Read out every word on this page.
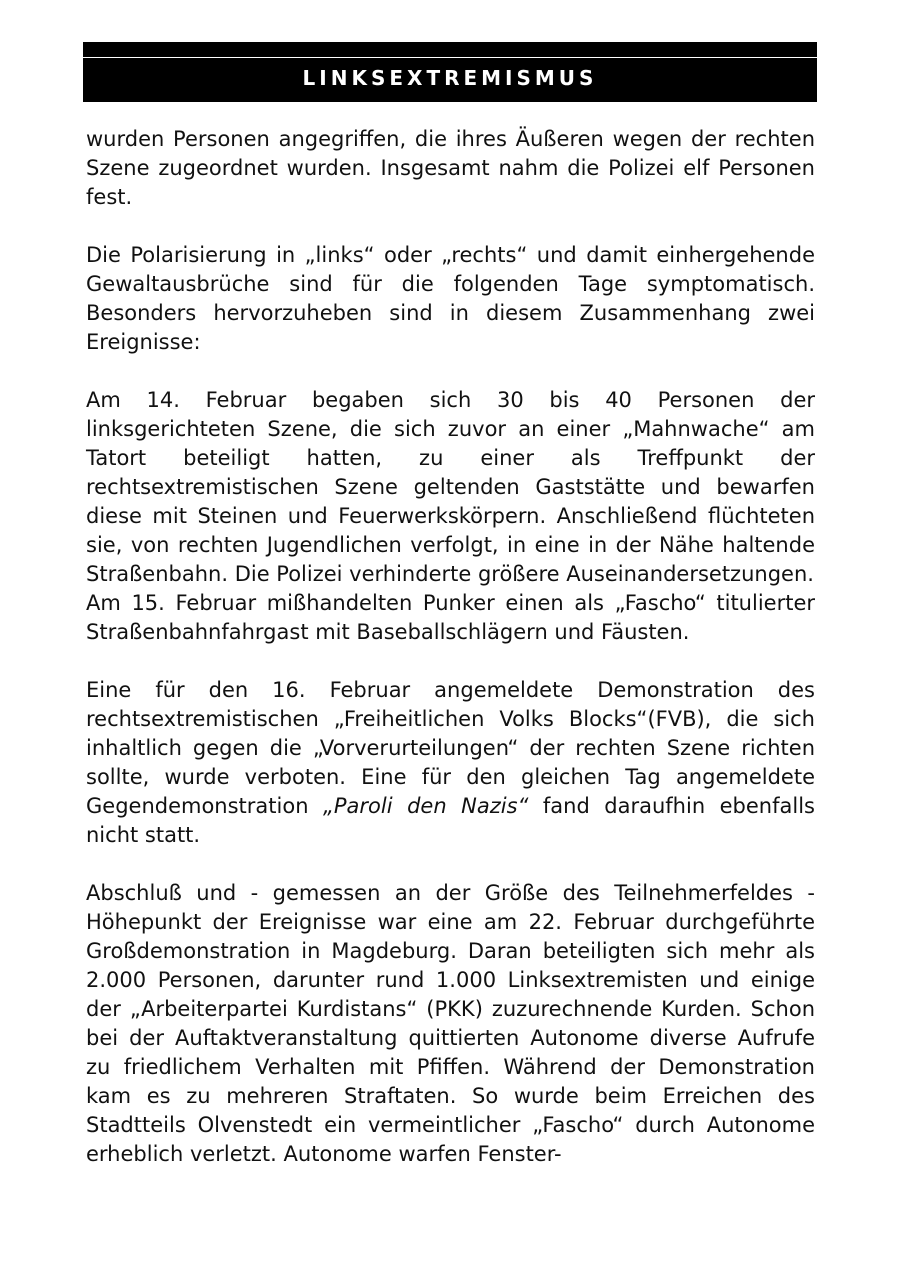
LINKSEXTREMISMUS

wurden Personen angegriffen, die ihres Äußeren wegen der rechten Szene zugeordnet wurden. Insgesamt nahm die Polizei elf Personen fest.

Die Polarisierung in „links“ oder „rechts“ und damit einhergehende Gewaltausbrüche sind für die folgenden Tage symptomatisch. Besonders hervorzuheben sind in diesem Zusammenhang zwei Ereignisse:

Am 14. Februar begaben sich 30 bis 40 Personen der linksgerichteten Szene, die sich zuvor an einer „Mahnwache“ am Tatort beteiligt hatten, zu einer als Treffpunkt der rechtsextremistischen Szene geltenden Gaststätte und bewarfen diese mit Steinen und Feuerwerkskörpern. Anschließend flüchteten sie, von rechten Jugendlichen verfolgt, in eine in der Nähe haltende Straßenbahn. Die Polizei verhinderte größere Auseinandersetzungen.

Am 15. Februar mißhandelten Punker einen als „Fascho“ titulierter Straßenbahnfahrgast mit Baseballschlägern und Fäusten.

Eine für den 16. Februar angemeldete Demonstration des rechtsextremistischen „Freiheitlichen Volks Blocks“(FVB), die sich inhaltlich gegen die „Vorverurteilungen“ der rechten Szene richten sollte, wurde verboten. Eine für den gleichen Tag angemeldete Gegendemonstration „Paroli den Nazis“ fand daraufhin ebenfalls nicht statt.

Abschluß und - gemessen an der Größe des Teilnehmerfeldes - Höhepunkt der Ereignisse war eine am 22. Februar durchgeführte Großdemonstration in Magdeburg. Daran beteiligten sich mehr als 2.000 Personen, darunter rund 1.000 Linksextremisten und einige der „Arbeiterpartei Kurdistans“ (PKK) zuzurechnende Kurden. Schon bei der Auftaktveranstaltung quittierten Autonome diverse Aufrufe zu friedlichem Verhalten mit Pfiffen. Während der Demonstration kam es zu mehreren Straftaten. So wurde beim Erreichen des Stadtteils Olvenstedt ein vermeintlicher „Fascho“ durch Autonome erheblich verletzt. Autonome warfen Fenster-
